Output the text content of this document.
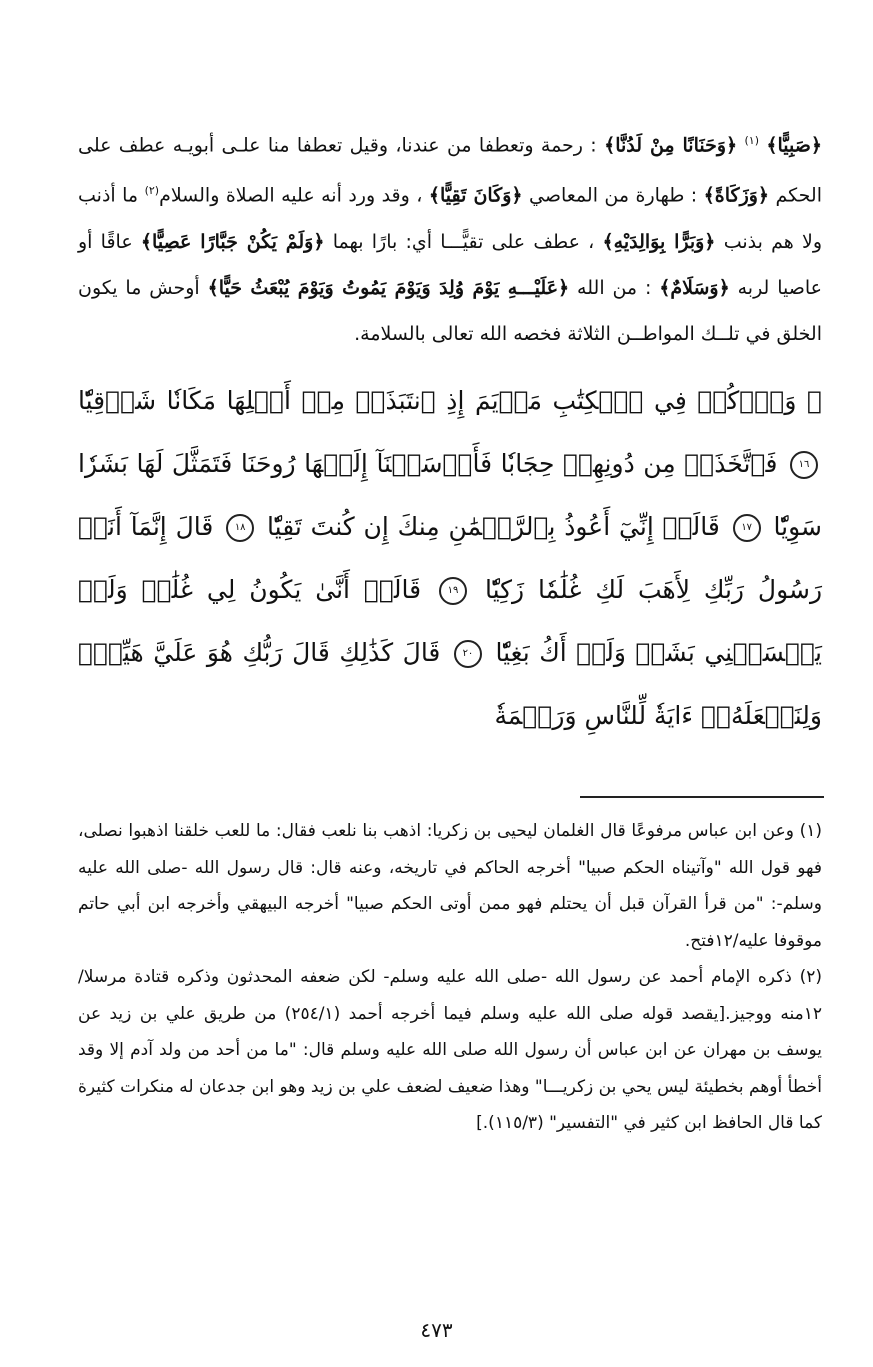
﴿صَبِيًّا﴾ $^{(١)}$ ﴿وَحَنَانًا مِنْ لَدُنَّا﴾ : رحمة وتعطفا من عندنا، وقيل تعطفا منا علـى أبويـه عطف على الحكم ﴿وَزَكَاةً﴾ : طهارة من المعاصي ﴿وَكَانَ تَقِيًّا﴾ ، وقد ورد أنه عليه الصلاة والسلام$^{(٢)}$ ما أذنب ولا هم بذنب ﴿وَبَرًّا بِوَالِدَيْهِ﴾ ، عطف على تقيًّـــا أي: بارًا بهما ﴿وَلَمْ يَكُنْ جَبَّارًا عَصِيًّا﴾ عاقًا أو عاصيا لربه ﴿وَسَلَامٌ﴾ : من الله ﴿عَلَيْـــهِ يَوْمَ وُلِدَ وَيَوْمَ يَمُوتُ وَيَوْمَ يُبْعَثُ حَيًّا﴾ أوحش ما يكون الخلق في تلــك المواطــن الثلاثة فخصه الله تعالى بالسلامة.

﴿ وَٱذۡكُرۡ فِي ٱلۡكِتَٰبِ مَرۡيَمَ إِذِ ٱنتَبَذَتۡ مِنۡ أَهۡلِهَا مَكَانٗا شَرۡقِيّٗا ١٦ فَٱتَّخَذَتۡ مِن دُونِهِمۡ حِجَابٗا فَأَرۡسَلۡنَآ إِلَيۡهَا رُوحَنَا فَتَمَثَّلَ لَهَا بَشَرٗا سَوِيّٗا ١٧ قَالَتۡ إِنِّيٓ أَعُوذُ بِٱلرَّحۡمَٰنِ مِنكَ إِن كُنتَ تَقِيّٗا ١٨ قَالَ إِنَّمَآ أَنَا۠ رَسُولُ رَبِّكِ لِأَهَبَ لَكِ غُلَٰمٗا زَكِيّٗا ١٩ قَالَتۡ أَنَّىٰ يَكُونُ لِي غُلَٰمٞ وَلَمۡ يَمۡسَسۡنِي بَشَرٞ وَلَمۡ أَكُ بَغِيّٗا ٢٠ قَالَ كَذَٰلِكِ قَالَ رَبُّكِ هُوَ عَلَيَّ هَيِّنٞۖ وَلِنَجۡعَلَهُۥٓ ءَايَةٗ لِّلنَّاسِ وَرَحۡمَةٗ

(١) وعن ابن عباس مرفوعًا قال الغلمان ليحيى بن زكريا: اذهب بنا نلعب فقال: ما للعب خلقنا اذهبوا نصلى، فهو قول الله "وآتيناه الحكم صبيا" أخرجه الحاكم في تاريخه، وعنه قال: قال رسول الله -صلى الله عليه وسلم-: "من قرأ القرآن قبل أن يحتلم فهو ممن أوتى الحكم صبيا" أخرجه البيهقي وأخرجه ابن أبي حاتم موقوفا عليه/١٢فتح.

(٢) ذكره الإمام أحمد عن رسول الله -صلى الله عليه وسلم- لكن ضعفه المحدثون وذكره قتادة مرسلا/ ١٢منه ووجيز.[يقصد قوله صلى الله عليه وسلم فيما أخرجه أحمد (٢٥٤/١) من طريق علي بن زيد عن يوسف بن مهران عن ابن عباس أن رسول الله صلى الله عليه وسلم قال: "ما من أحد من ولد آدم إلا وقد أخطأ أوهم بخطيئة ليس يحي بن زكريـــا" وهذا ضعيف لضعف علي بن زيد وهو ابن جدعان له منكرات كثيرة كما قال الحافظ ابن كثير في "التفسير" (١١٥/٣).]

٤٧٣
